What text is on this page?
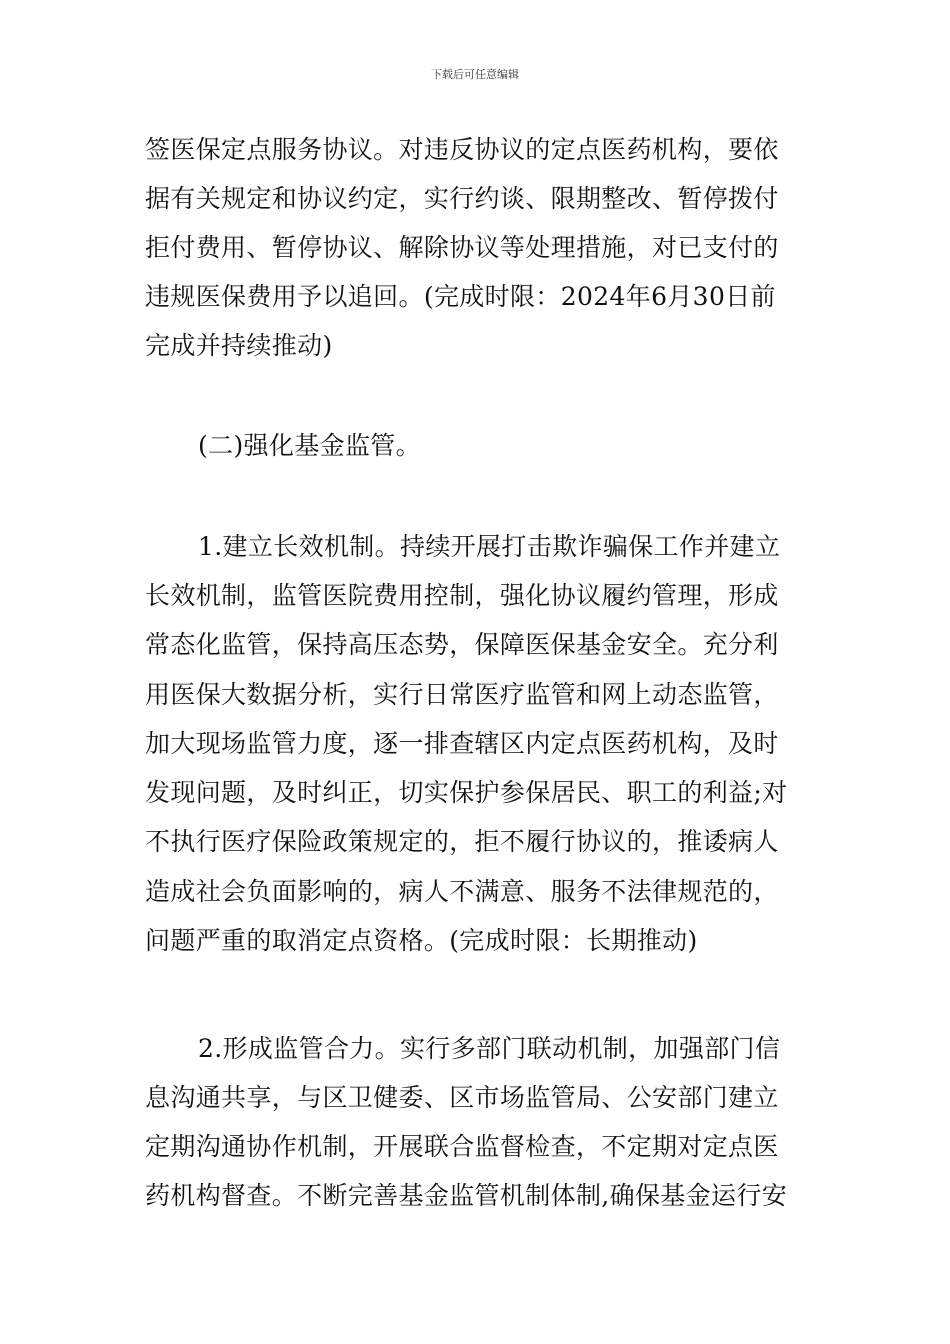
下载后可任意编辑
签医保定点服务协议。对违反协议的定点医药机构，要依
据有关规定和协议约定，实行约谈、限期整改、暂停拨付
拒付费用、暂停协议、解除协议等处理措施，对已支付的
违规医保费用予以追回。(完成时限：2024年6月30日前
完成并持续推动)
(二)强化基金监管。
1.建立长效机制。持续开展打击欺诈骗保工作并建立
长效机制，监管医院费用控制，强化协议履约管理，形成
常态化监管，保持高压态势，保障医保基金安全。充分利
用医保大数据分析，实行日常医疗监管和网上动态监管，
加大现场监管力度，逐一排查辖区内定点医药机构，及时
发现问题，及时纠正，切实保护参保居民、职工的利益;对
不执行医疗保险政策规定的，拒不履行协议的，推诿病人
造成社会负面影响的，病人不满意、服务不法律规范的，
问题严重的取消定点资格。(完成时限：长期推动)
2.形成监管合力。实行多部门联动机制，加强部门信
息沟通共享，与区卫健委、区市场监管局、公安部门建立
定期沟通协作机制，开展联合监督检查，不定期对定点医
药机构督查。不断完善基金监管机制体制,确保基金运行安
